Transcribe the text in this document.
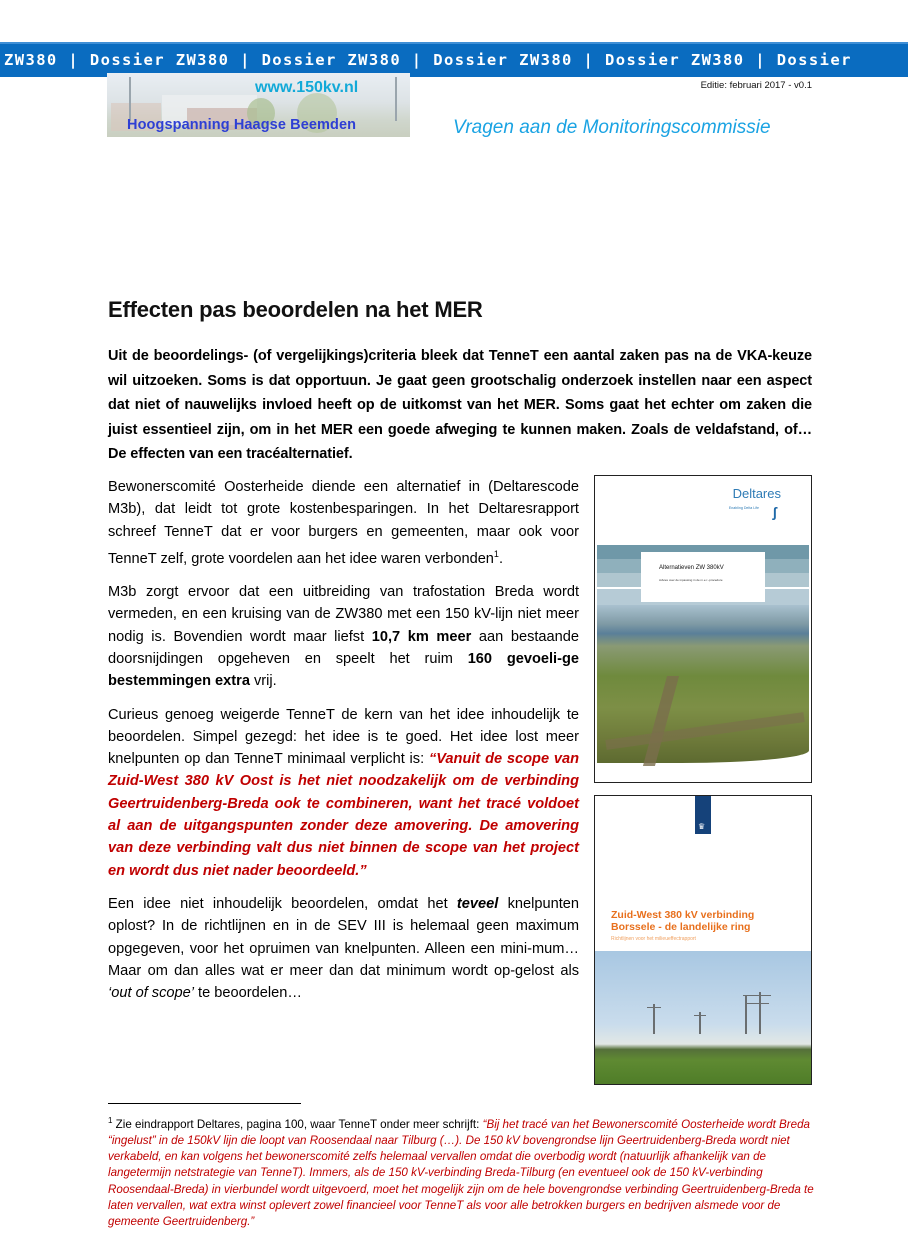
ZW380 | Dossier ZW380 | Dossier ZW380 | Dossier ZW380 | Dossier ZW380 | Dossier
www.150kv.nl
Hoogspanning Haagse Beemden
Editie: februari 2017 - v0.1
Vragen aan de Monitoringscommissie
Effecten pas beoordelen na het MER
Uit de beoordelings- (of vergelijkings)criteria bleek dat TenneT een aantal zaken pas na de VKA-keuze wil uitzoeken. Soms is dat opportuun. Je gaat geen grootschalig onderzoek instellen naar een aspect dat niet of nauwelijks invloed heeft op de uitkomst van het MER. Soms gaat het echter om zaken die juist essentieel zijn, om in het MER een goede afweging te kunnen maken. Zoals de veldafstand, of… De effecten van een tracéalternatief.

Bewonerscomité Oosterheide diende een alternatief in (Deltarescode M3b), dat leidt tot grote kostenbesparingen. In het Deltaresrapport schreef TenneT dat er voor burgers en gemeenten, maar ook voor TenneT zelf, grote voordelen aan het idee waren verbonden$^1$.

M3b zorgt ervoor dat een uitbreiding van trafostation Breda wordt vermeden, en een kruising van de ZW380 met een 150 kV-lijn niet meer nodig is. Bovendien wordt maar liefst 10,7 km meer aan bestaande doorsnijdingen opgeheven en speelt het ruim 160 gevoeli-ge bestemmingen extra vrij.

Curieus genoeg weigerde TenneT de kern van het idee inhoudelijk te beoordelen. Simpel gezegd: het idee is te goed. Het idee lost meer knelpunten op dan TenneT minimaal verplicht is: “Vanuit de scope van Zuid-West 380 kV Oost is het niet noodzakelijk om de verbinding Geertruidenberg-Breda ook te combineren, want het tracé voldoet al aan de uitgangspunten zonder deze amovering. De amovering van deze verbinding valt dus niet binnen de scope van het project en wordt dus niet nader beoordeeld.”

Een idee niet inhoudelijk beoordelen, omdat het teveel knelpunten oplost? In de richtlijnen en in de SEV III is helemaal geen maximum opgegeven, voor het opruimen van knelpunten. Alleen een mini-mum… Maar om dan alles wat er meer dan dat minimum wordt op-gelost als ‘out of scope’ te beoordelen…

Deltares
Enabling Delta Life ʃ
Alternatieven ZW 380kV
Advies over de inpassing in de m.e.r.-procedure
♛
Zuid-West 380 kV verbinding
Borssele - de landelijke ring
Richtlijnen voor het milieueffectrapport
$^1$ Zie eindrapport Deltares, pagina 100, waar TenneT onder meer schrijft: “Bij het tracé van het Bewonerscomité Oosterheide wordt Breda “ingelust” in de 150kV lijn die loopt van Roosendaal naar Tilburg (…). De 150 kV bovengrondse lijn Geertruidenberg-Breda wordt niet verkabeld, en kan volgens het bewonerscomité zelfs helemaal vervallen omdat die overbodig wordt (natuurlijk afhankelijk van de langetermijn netstrategie van TenneT). Immers, als de 150 kV-verbinding Breda-Tilburg (en eventueel ook de 150 kV-verbinding Roosendaal-Breda) in vierbundel wordt uitgevoerd, moet het mogelijk zijn om de hele bovengrondse verbinding Geertruidenberg-Breda te laten vervallen, wat extra winst oplevert zowel financieel voor TenneT als voor alle betrokken burgers en bedrijven alsmede voor de gemeente Geertruidenberg.”
